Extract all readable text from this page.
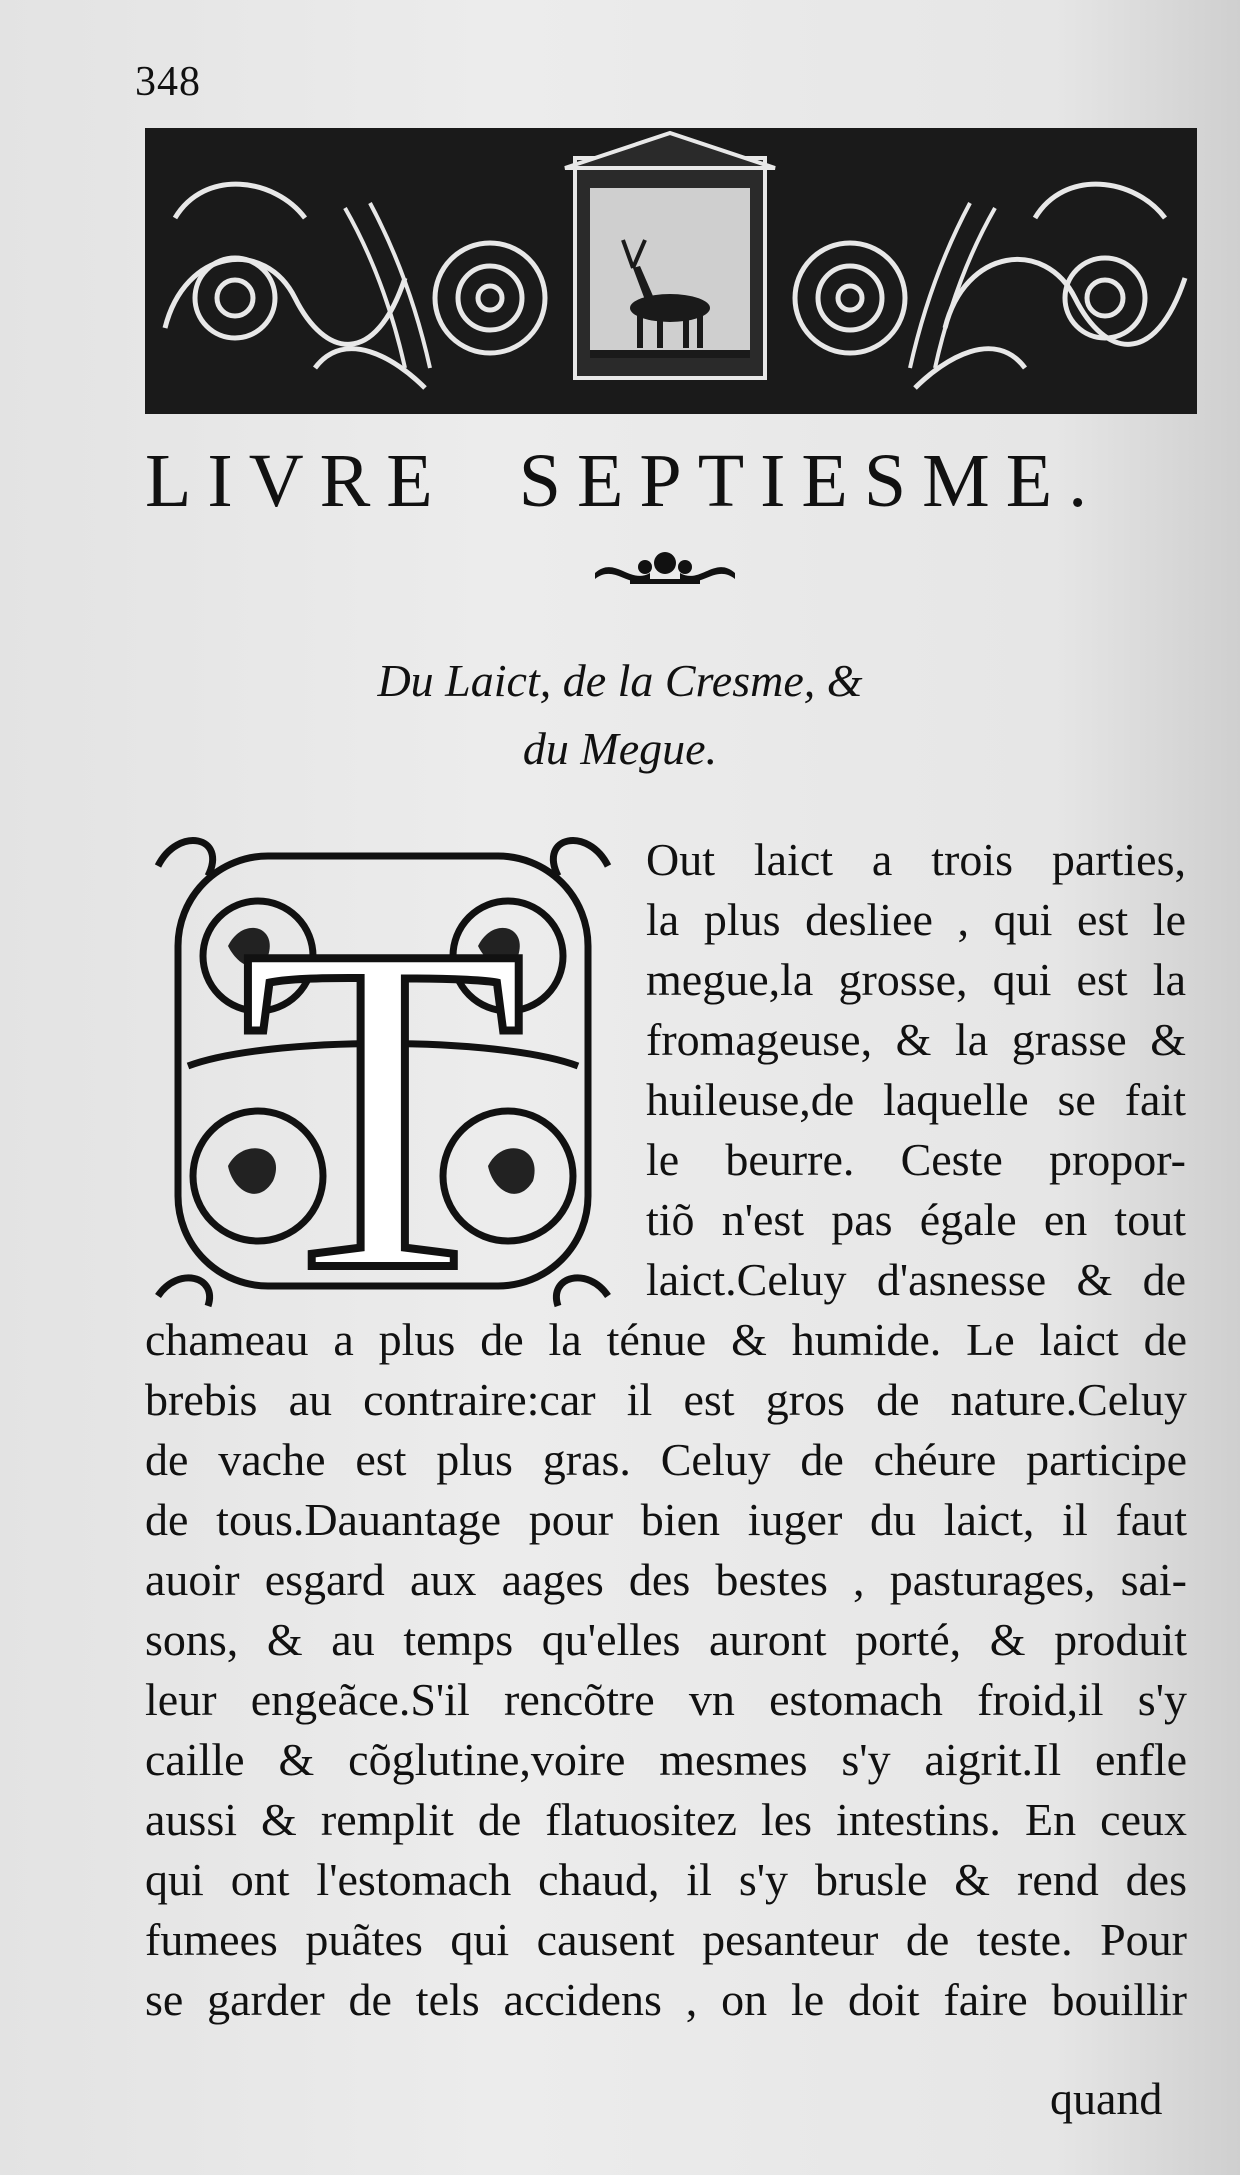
348
LIVRE  SEPTIESME.
Du Laict, de la Cresme, &
du Megue.
T	Out laict a trois parties,
la plus desliee , qui est le
megue,la grosse, qui est la
fromageuse, & la grasse &
huileuse,de laquelle se fait
le beurre. Ceste propor-
tiõ n'est pas égale en tout
laict.Celuy d'asnesse & de
chameau a plus de la ténue & humide. Le laict de
brebis au contraire:car il est gros de nature.Celuy
de vache est plus gras. Celuy de chéure participe
de tous.Dauantage pour bien iuger du laict, il faut
auoir esgard aux aages des bestes , pasturages, sai-
sons, & au temps qu'elles auront porté, & produit
leur engeãce.S'il rencõtre vn estomach froid,il s'y
caille & cõglutine,voire mesmes s'y aigrit.Il enfle
aussi & remplit de flatuositez les intestins. En ceux
qui ont l'estomach chaud, il s'y brusle & rend des
fumees puãtes qui causent pesanteur de teste. Pour
se garder de tels accidens , on le doit faire bouillir
quand
